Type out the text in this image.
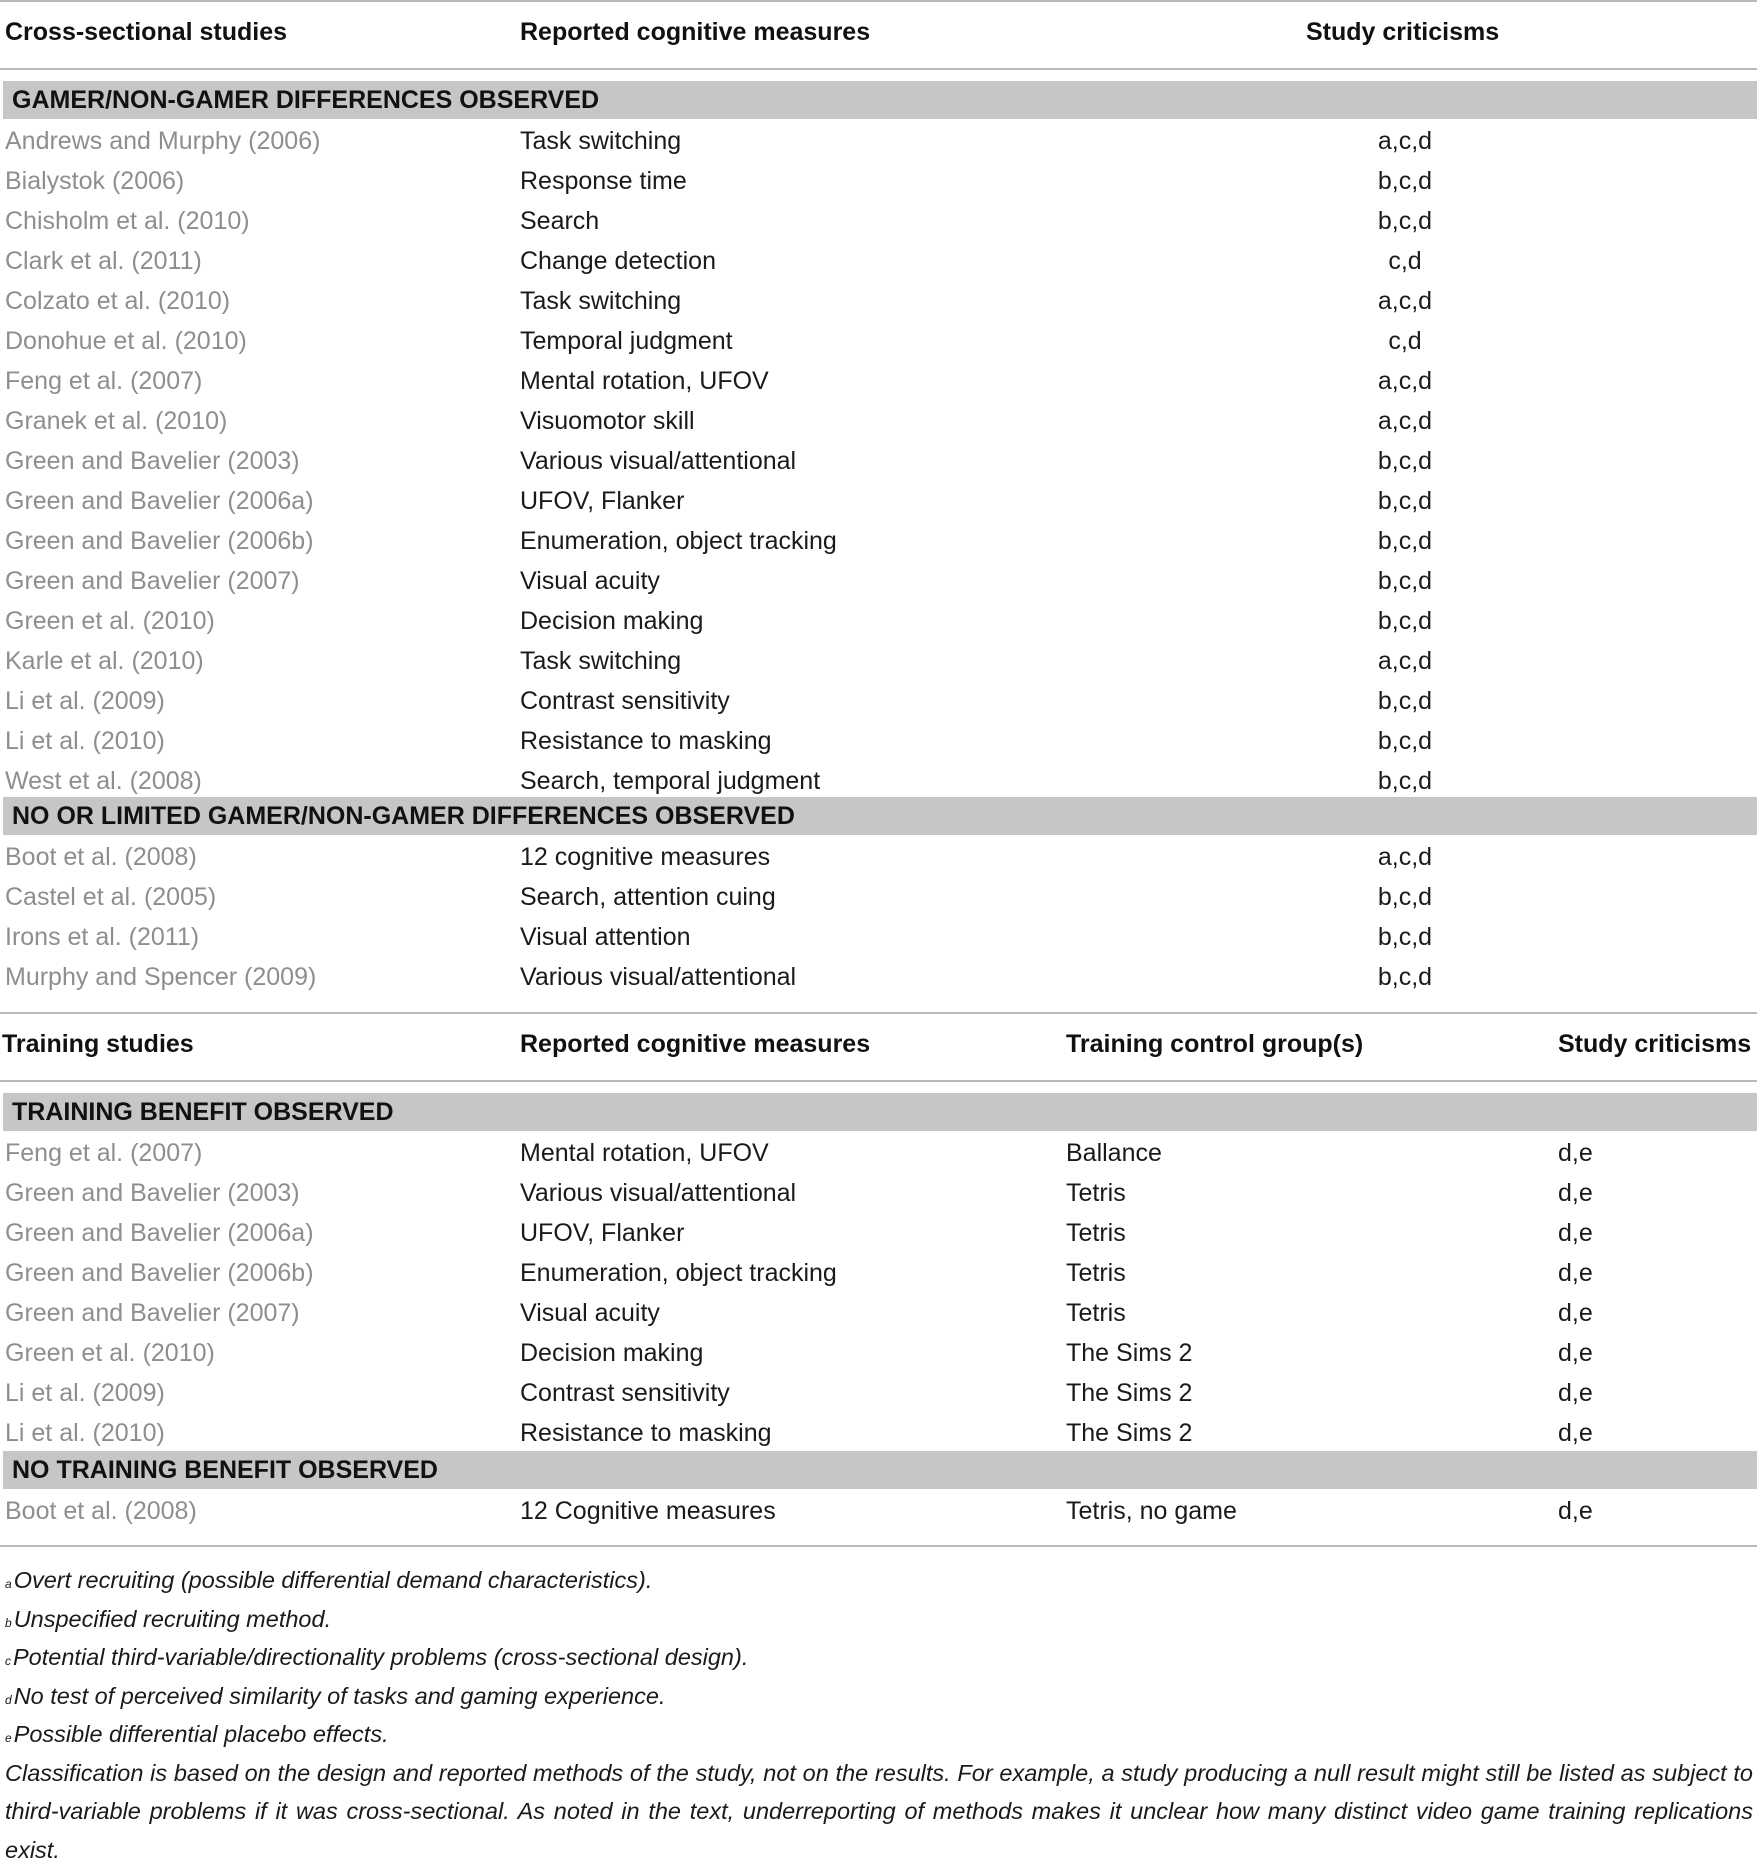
Cross-sectional studies	Reported cognitive measures	Study criticisms
GAMER/NON-GAMER DIFFERENCES OBSERVED
Andrews and Murphy (2006)	Task switching	a,c,d
Bialystok (2006)	Response time	b,c,d
Chisholm et al. (2010)	Search	b,c,d
Clark et al. (2011)	Change detection	c,d
Colzato et al. (2010)	Task switching	a,c,d
Donohue et al. (2010)	Temporal judgment	c,d
Feng et al. (2007)	Mental rotation, UFOV	a,c,d
Granek et al. (2010)	Visuomotor skill	a,c,d
Green and Bavelier (2003)	Various visual/attentional	b,c,d
Green and Bavelier (2006a)	UFOV, Flanker	b,c,d
Green and Bavelier (2006b)	Enumeration, object tracking	b,c,d
Green and Bavelier (2007)	Visual acuity	b,c,d
Green et al. (2010)	Decision making	b,c,d
Karle et al. (2010)	Task switching	a,c,d
Li et al. (2009)	Contrast sensitivity	b,c,d
Li et al. (2010)	Resistance to masking	b,c,d
West et al. (2008)	Search, temporal judgment	b,c,d
NO OR LIMITED GAMER/NON-GAMER DIFFERENCES OBSERVED
Boot et al. (2008)	12 cognitive measures	a,c,d
Castel et al. (2005)	Search, attention cuing	b,c,d
Irons et al. (2011)	Visual attention	b,c,d
Murphy and Spencer (2009)	Various visual/attentional	b,c,d
Training studies	Reported cognitive measures	Training control group(s)	Study criticisms
TRAINING BENEFIT OBSERVED
Feng et al. (2007)	Mental rotation, UFOV	Ballance	d,e
Green and Bavelier (2003)	Various visual/attentional	Tetris	d,e
Green and Bavelier (2006a)	UFOV, Flanker	Tetris	d,e
Green and Bavelier (2006b)	Enumeration, object tracking	Tetris	d,e
Green and Bavelier (2007)	Visual acuity	Tetris	d,e
Green et al. (2010)	Decision making	The Sims 2	d,e
Li et al. (2009)	Contrast sensitivity	The Sims 2	d,e
Li et al. (2010)	Resistance to masking	The Sims 2	d,e
NO TRAINING BENEFIT OBSERVED
Boot et al. (2008)	12 Cognitive measures	Tetris, no game	d,e
$^a$Overt recruiting (possible differential demand characteristics).
$^b$Unspecified recruiting method.
$^c$Potential third-variable/directionality problems (cross-sectional design).
$^d$No test of perceived similarity of tasks and gaming experience.
$^e$Possible differential placebo effects.

Classification is based on the design and reported methods of the study, not on the results. For example, a study producing a null result might still be listed as subject to third-variable problems if it was cross-sectional. As noted in the text, underreporting of methods makes it unclear how many distinct video game training replications exist.
